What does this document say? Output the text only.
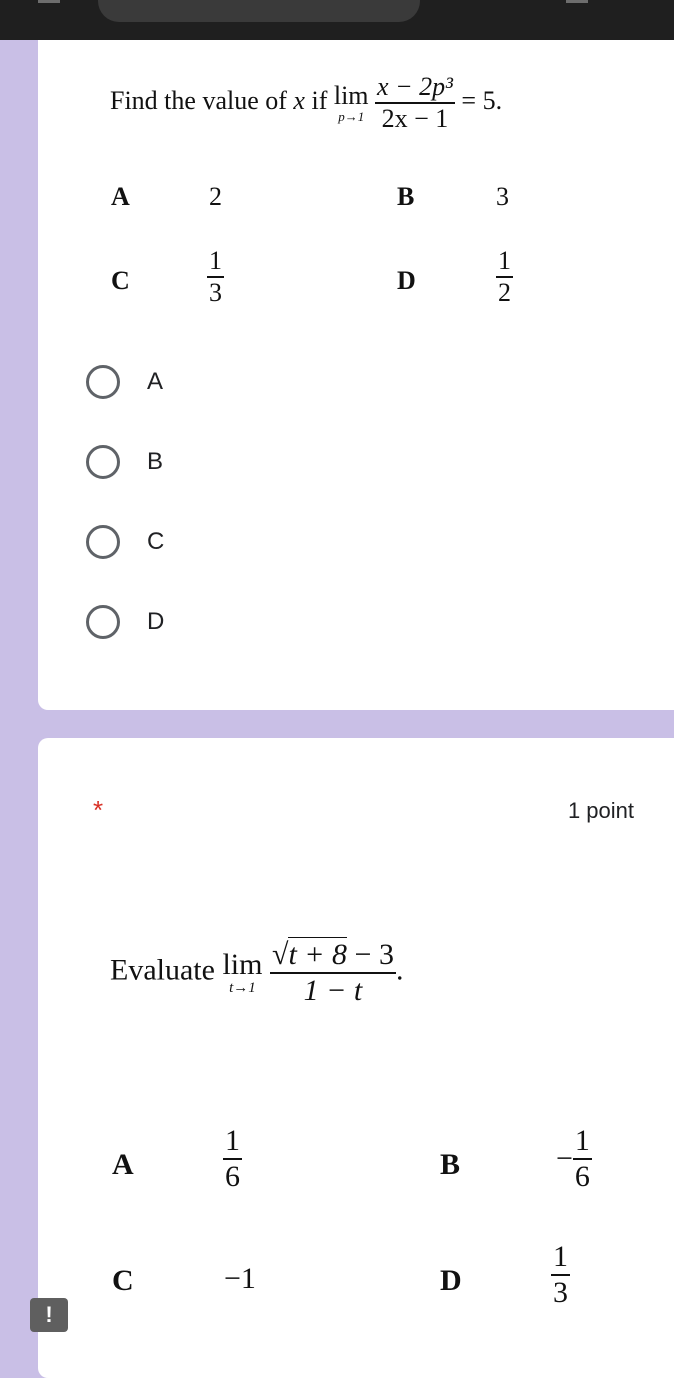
Find the value of x if lim
p→1
$\frac{\text{x − 2p³}}{2x - 1} = 5$.
A	2	B	3
C	$\frac{1}{3}$	D	$\frac{1}{2}$
A
B
C
D
*	1 point
Evaluate lim
t→1
$\frac{√t + 8 - 3}{1 - t}$ .
A	$\frac{1}{6}$	B	− $\frac{1}{6}$
C	−1	D	$\frac{1}{3}$
!
